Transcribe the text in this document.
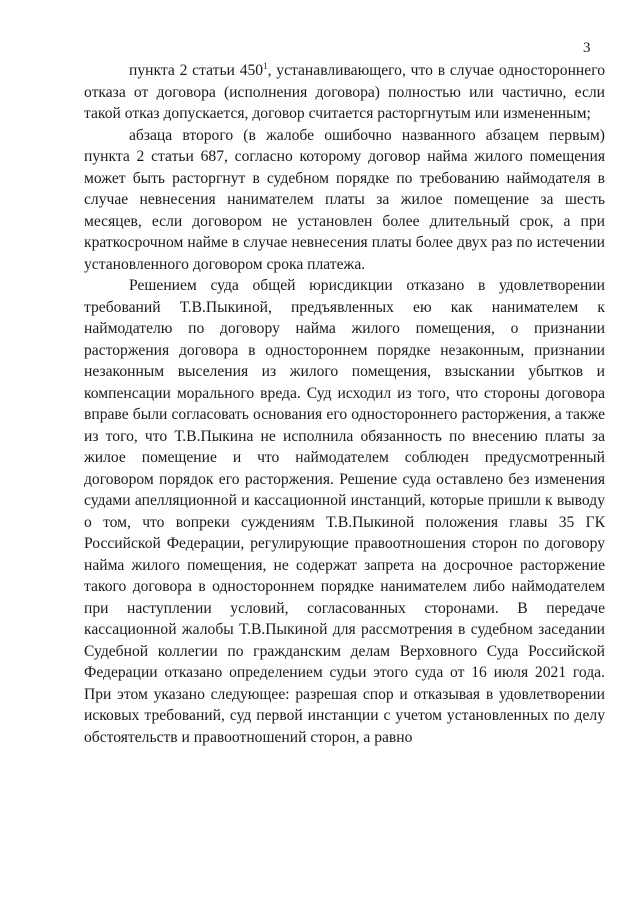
3

пункта 2 статьи $450^1$, устанавливающего, что в случае одностороннего отказа от договора (исполнения договора) полностью или частично, если такой отказ допускается, договор считается расторгнутым или измененным;

абзаца второго (в жалобе ошибочно названного абзацем первым) пункта 2 статьи 687, согласно которому договор найма жилого помещения может быть расторгнут в судебном порядке по требованию наймодателя в случае невнесения нанимателем платы за жилое помещение за шесть месяцев, если договором не установлен более длительный срок, а при краткосрочном найме в случае невнесения платы более двух раз по истечении установленного договором срока платежа.

Решением суда общей юрисдикции отказано в удовлетворении требований Т.В.Пыкиной, предъявленных ею как нанимателем к наймодателю по договору найма жилого помещения, о признании расторжения договора в одностороннем порядке незаконным, признании незаконным выселения из жилого помещения, взыскании убытков и компенсации морального вреда. Суд исходил из того, что стороны договора вправе были согласовать основания его одностороннего расторжения, а также из того, что Т.В.Пыкина не исполнила обязанность по внесению платы за жилое помещение и что наймодателем соблюден предусмотренный договором порядок его расторжения. Решение суда оставлено без изменения судами апелляционной и кассационной инстанций, которые пришли к выводу о том, что вопреки суждениям Т.В.Пыкиной положения главы 35 ГК Российской Федерации, регулирующие правоотношения сторон по договору найма жилого помещения, не содержат запрета на досрочное расторжение такого договора в одностороннем порядке нанимателем либо наймодателем при наступлении условий, согласованных сторонами. В передаче кассационной жалобы Т.В.Пыкиной для рассмотрения в судебном заседании Судебной коллегии по гражданским делам Верховного Суда Российской Федерации отказано определением судьи этого суда от 16 июля 2021 года. При этом указано следующее: разрешая спор и отказывая в удовлетворении исковых требований, суд первой инстанции с учетом установленных по делу обстоятельств и правоотношений сторон, а равно
